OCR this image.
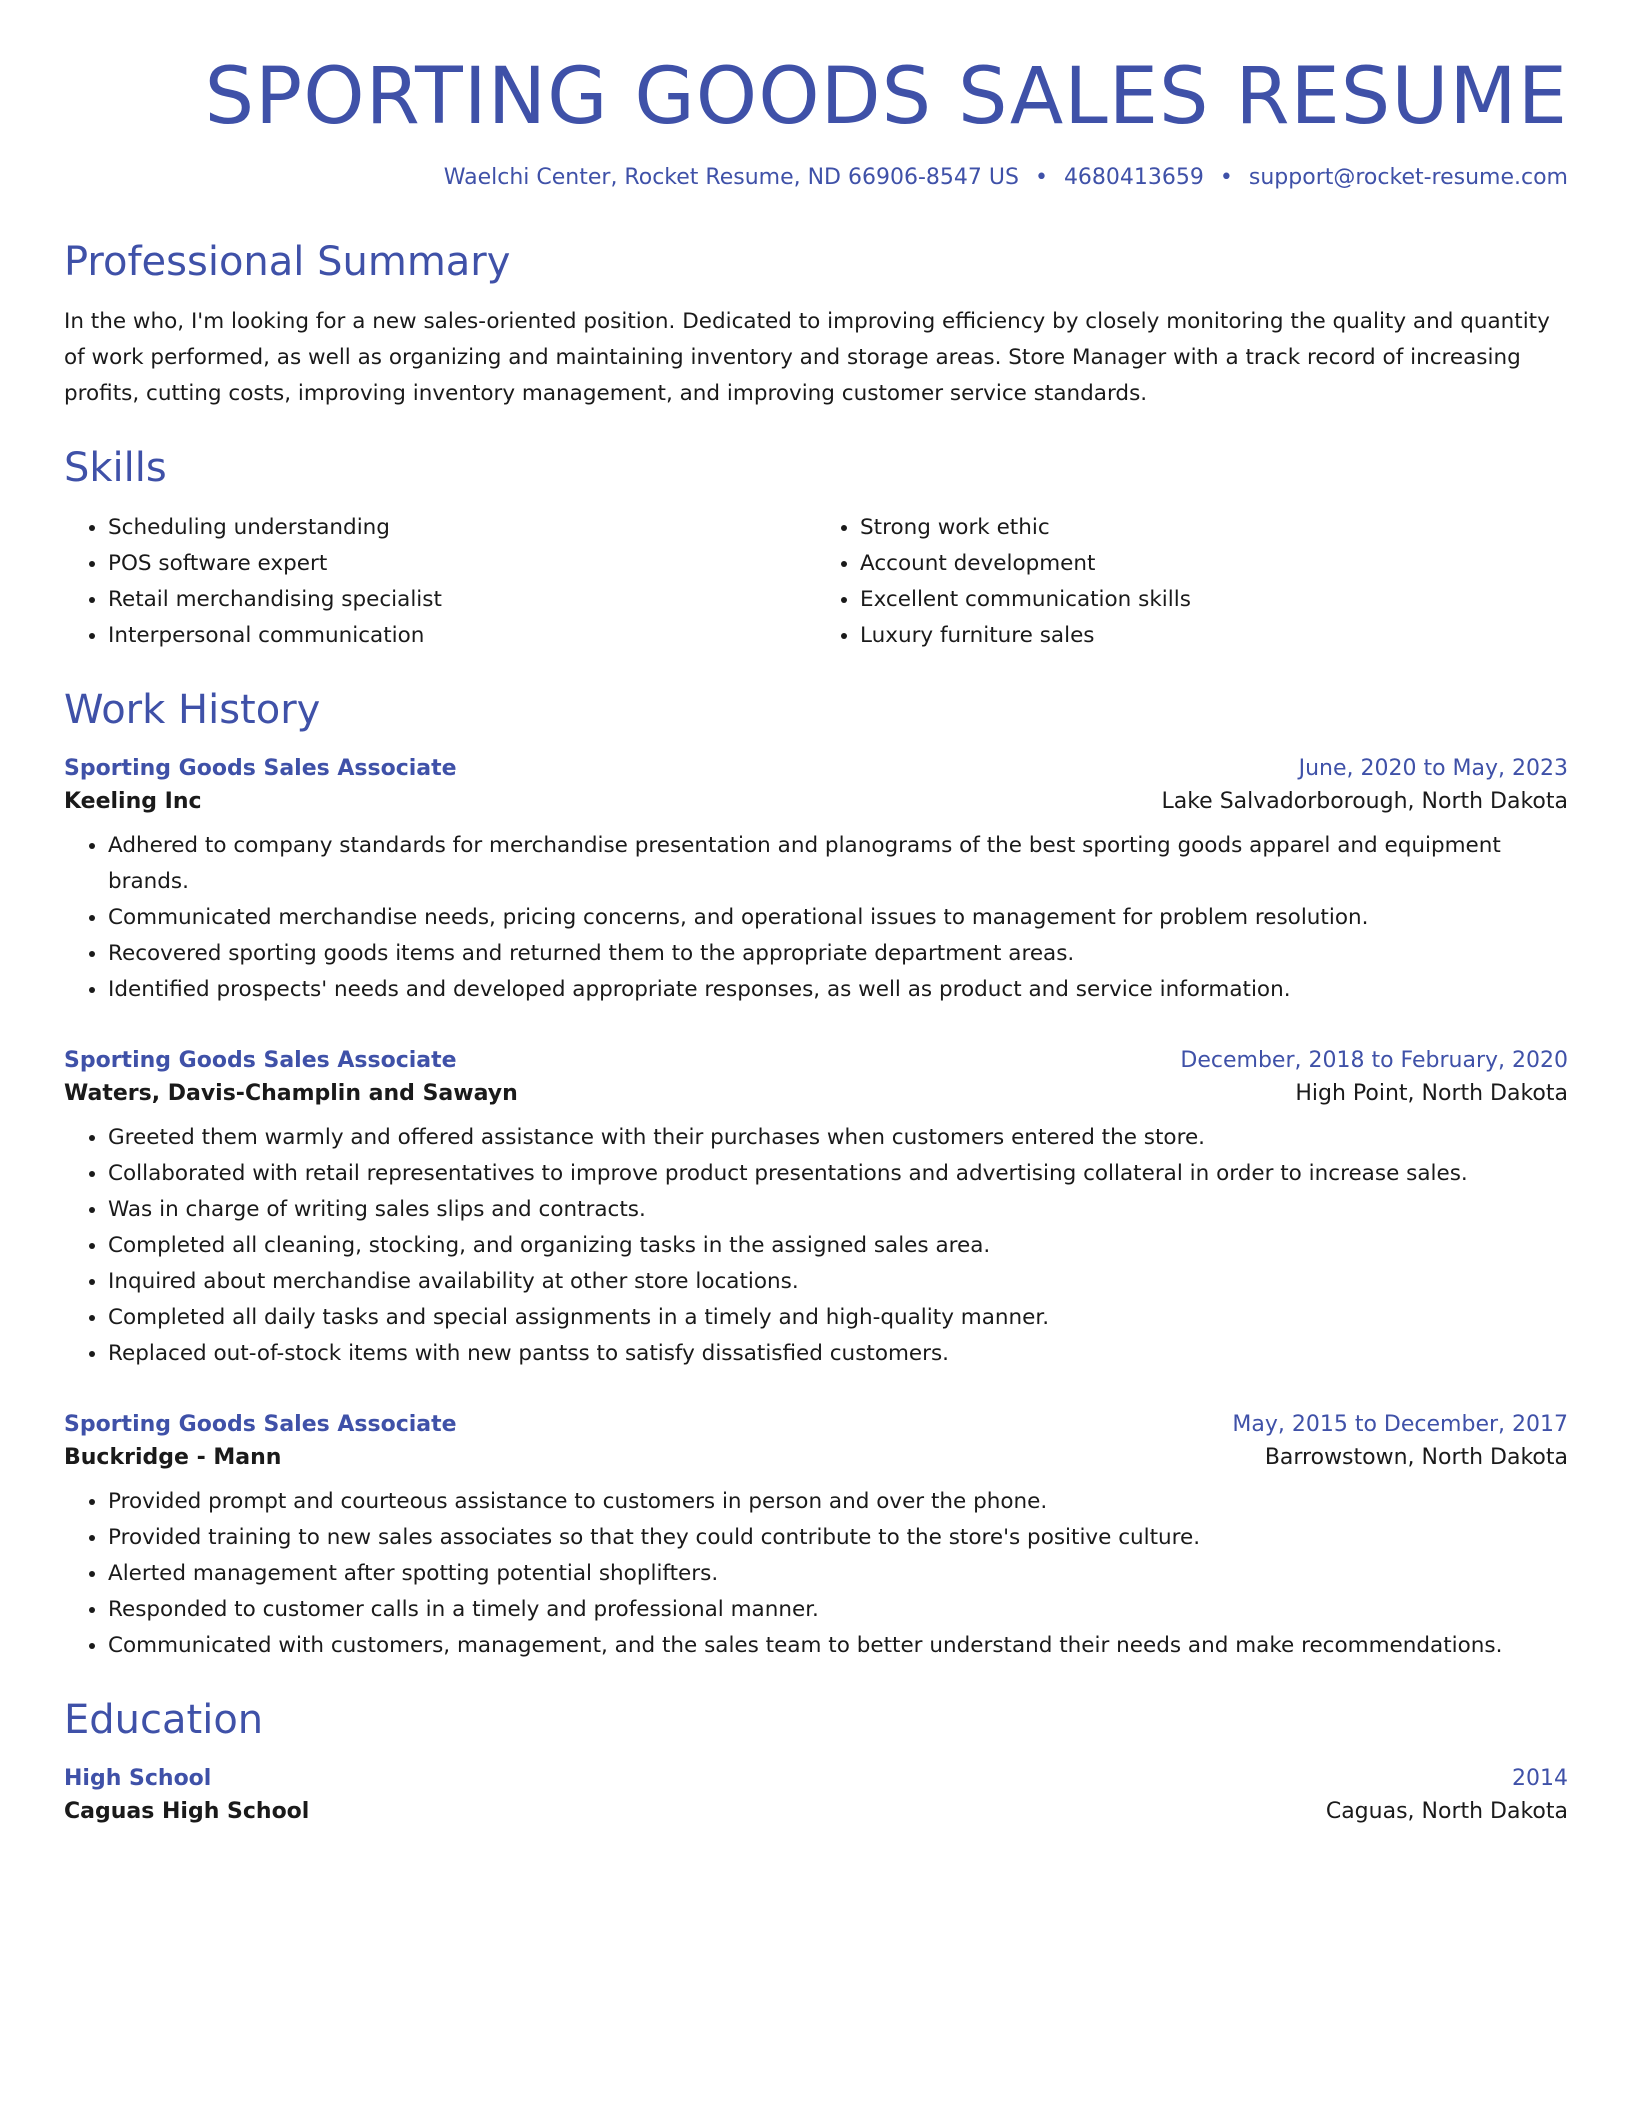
SPORTING GOODS SALES RESUME
Waelchi Center, Rocket Resume, ND 66906-8547 US • 4680413659 • support@rocket-resume.com
Professional Summary

In the who, I'm looking for a new sales-oriented position. Dedicated to improving efficiency by closely monitoring the quality and quantity of work performed, as well as organizing and maintaining inventory and storage areas. Store Manager with a track record of increasing profits, cutting costs, improving inventory management, and improving customer service standards.

Skills
• Scheduling understanding
• POS software expert
• Retail merchandising specialist
• Interpersonal communication
• Strong work ethic
• Account development
• Excellent communication skills
• Luxury furniture sales
Work History
Sporting Goods Sales Associate	June, 2020 to May, 2023
Keeling Inc	Lake Salvadorborough, North Dakota
• Adhered to company standards for merchandise presentation and planograms of the best sporting goods apparel and equipment brands.
• Communicated merchandise needs, pricing concerns, and operational issues to management for problem resolution.
• Recovered sporting goods items and returned them to the appropriate department areas.
• Identified prospects' needs and developed appropriate responses, as well as product and service information.
Sporting Goods Sales Associate	December, 2018 to February, 2020
Waters, Davis-Champlin and Sawayn	High Point, North Dakota
• Greeted them warmly and offered assistance with their purchases when customers entered the store.
• Collaborated with retail representatives to improve product presentations and advertising collateral in order to increase sales.
• Was in charge of writing sales slips and contracts.
• Completed all cleaning, stocking, and organizing tasks in the assigned sales area.
• Inquired about merchandise availability at other store locations.
• Completed all daily tasks and special assignments in a timely and high-quality manner.
• Replaced out-of-stock items with new pantss to satisfy dissatisfied customers.
Sporting Goods Sales Associate	May, 2015 to December, 2017
Buckridge - Mann	Barrowstown, North Dakota
• Provided prompt and courteous assistance to customers in person and over the phone.
• Provided training to new sales associates so that they could contribute to the store's positive culture.
• Alerted management after spotting potential shoplifters.
• Responded to customer calls in a timely and professional manner.
• Communicated with customers, management, and the sales team to better understand their needs and make recommendations.
Education
High School	2014
Caguas High School	Caguas, North Dakota
